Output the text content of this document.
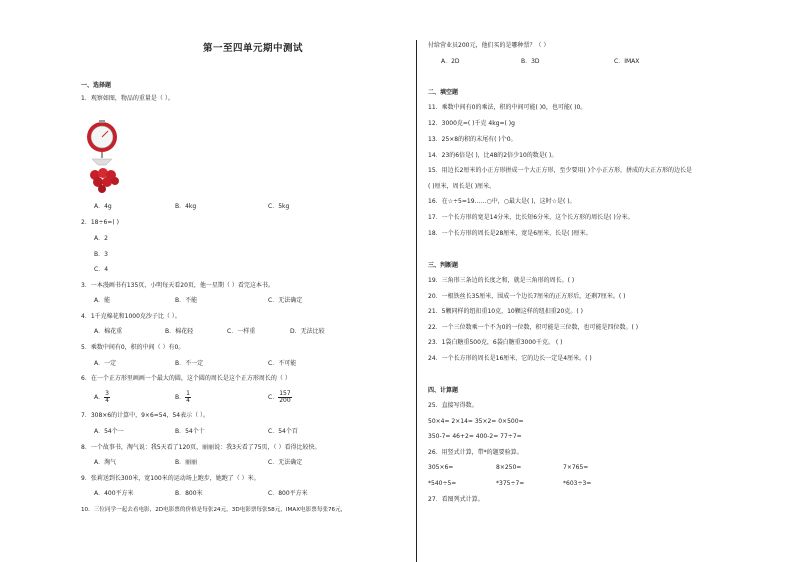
第一至四单元期中测试
一、选择题
1．观察如图，物品的重量是（ ）。
A．4g	B．4kg	C．5kg
2．18÷6=( )
A．2
B．3
C．4
3．一本漫画书有135页，小明每天看20页，他一星期（ ）看完这本书。
A．能	B．不能	C．无法确定
4．1千克棉花和1000克沙子比（ ）。
A．棉花重	B．棉花轻	C．一样重	D．无法比较
5．乘数中间有0，积的中间（ ）有0。
A．一定	B．不一定	C．不可能
6．在一个正方形里画画一个最大的圆，这个圆的周长是这个正方形周长的（ ）
A． $\frac{3}{4}$	B． $\frac{1}{4}$	C． $\frac{157}{200}$
7．308×6的计算中，9×6=54，54表示（ ）。
A．54个一	B．54个十	C．54个百
8．一个故事书，淘气说：我5天看了120页，丽丽说：我3天看了75页，（ ）看得比较快。
A．淘气	B．丽丽	C．无法确定
9．张莉送到长300米，宽100米的运动场上跑步，她跑了（ ）米。
A．400平方米	B．800米	C．800平方米
10．三位同学一起去看电影，2D电影票的价格是每张24元，3D电影票每张58元，IMAX电影票每张76元，
付给营业员200元，他们买的是哪种票？（ ）
A．2D	B．3D	C．IMAX
二、填空题
11．乘数中间有0的乘法，积的中间可能( )0，也可能( )0。
12．3000克=( )千克 4kg=( )g
13．25×8的积的末尾有( )个0。
14．23的6倍是( )，比48的2倍少10的数是( )。
15．用边长2厘米的小正方形拼成一个大正方形，至少要用( )个小正方形，拼成的大正方形的边长是
( )厘米，周长是( )厘米。
16．在☆÷5=19……○中，○最大是( )，这时☆是( )。
17．一个长方形的宽是14分米，比长短6分米，这个长方形的周长是( )分米。
18．一个长方形的周长是28厘米，宽是6厘米，长是( )厘米。
三、判断题
19．三角形三条边的长度之和，就是三角形的周长。( )
20．一根铁丝长35厘米，围成一个边长7厘米的正方形后，还剩7厘米。( )
21．5颗同样的纽扣重10克，10颗这样的纽扣重20克。( )
22．一个三位数乘一个不为0的一位数，积可能是三位数，也可能是四位数。( )
23．1袋白糖重500克，6袋白糖重3000千克。 ( )
24．一个长方形的周长是16厘米，它的边长一定是4厘米。( )
四、计算题
25．直接写得数。
50×4= 2×14= 35×2= 0×500=
350-7= 46+2= 400-2= 77÷7=
26．用竖式计算，带*的题要验算。
305×6=	8×250=	7×765=
*540÷5=	*375÷7=	*603÷3=
27．看图列式计算。
